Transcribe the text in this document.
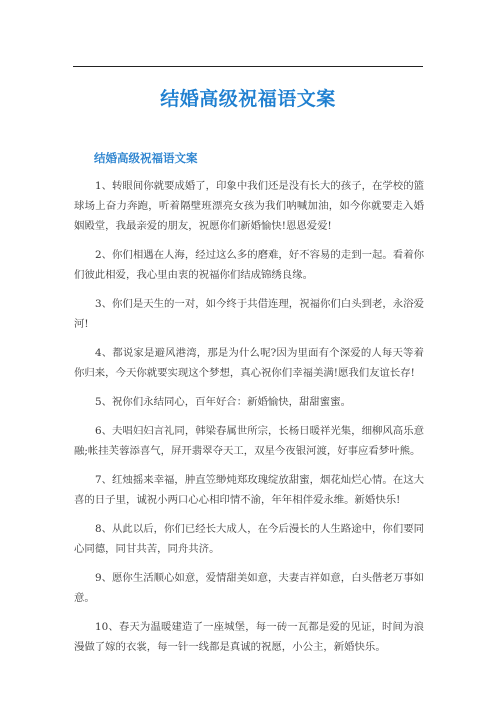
结婚高级祝福语文案
结婚高级祝福语文案

1、转眼间你就要成婚了，印象中我们还是没有长大的孩子，在学校的篮球场上奋力奔跑，听着隔壁班漂亮女孩为我们呐喊加油，如今你就要走入婚姻殿堂，我最亲爱的朋友，祝愿你们新婚愉快!恩恩爱爱!

2、你们相遇在人海，经过这么多的磨难，好不容易的走到一起。看着你们彼此相爱，我心里由衷的祝福你们结成锦绣良缘。

3、你们是天生的一对，如今终于共借连理，祝福你们白头到老，永浴爱河!

4、都说家是避风港湾，那是为什么呢?因为里面有个深爱的人每天等着你归来，今天你就要实现这个梦想，真心祝你们幸福美满!愿我们友谊长存!

5、祝你们永结同心，百年好合：新婚愉快，甜甜蜜蜜。

6、夫唱妇妇言礼同，韩梁春属世所宗，长杨日暖祥光集，细柳风高乐意融;帐挂芙蓉添喜气，屏开翡翠夺天工，双星今夜银河渡，好事应看梦叶熊。

7、红烛摇来幸福，肿直笠缈炖郑玫瑰绽放甜蜜，烟花灿烂心情。在这大喜的日子里，诚祝小两口心心相印情不渝，年年相伴爱永维。新婚快乐!

8、从此以后，你们已经长大成人，在今后漫长的人生路途中，你们要同心同德，同甘共苦，同舟共济。

9、愿你生活顺心如意，爱情甜美如意，夫妻吉祥如意，白头偕老万事如意。

10、春天为温暖建造了一座城堡，每一砖一瓦都是爱的见证，时间为浪漫做了嫁的衣裳，每一针一线都是真诚的祝愿，小公主，新婚快乐。
